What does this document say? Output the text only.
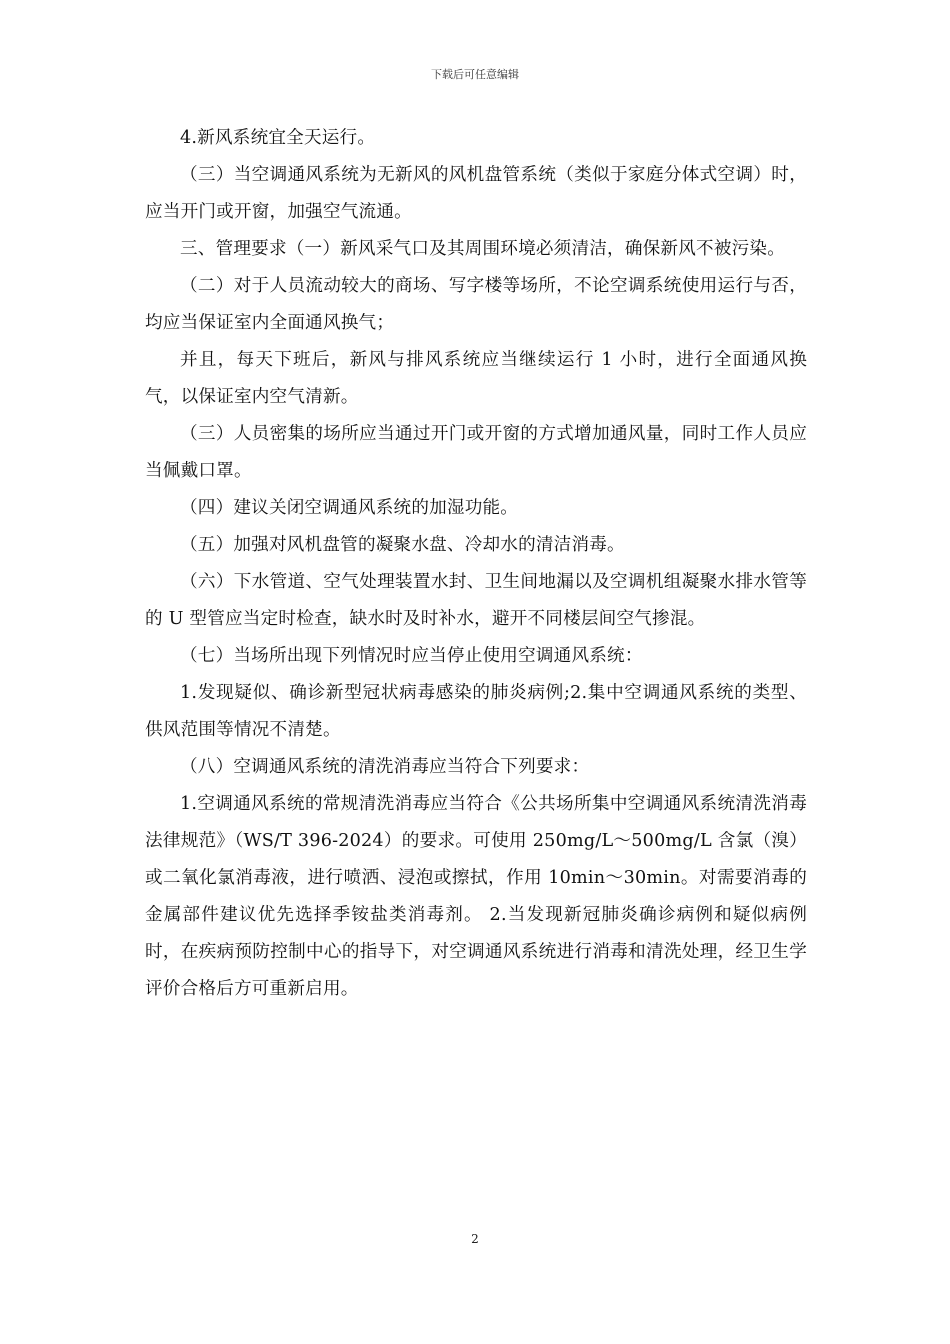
下载后可任意编辑

4.新风系统宜全天运行。

（三）当空调通风系统为无新风的风机盘管系统（类似于家庭分体式空调）时，应当开门或开窗，加强空气流通。

三、管理要求（一）新风采气口及其周围环境必须清洁，确保新风不被污染。

（二）对于人员流动较大的商场、写字楼等场所，不论空调系统使用运行与否，均应当保证室内全面通风换气；

并且，每天下班后，新风与排风系统应当继续运行 1 小时，进行全面通风换气，以保证室内空气清新。

（三）人员密集的场所应当通过开门或开窗的方式增加通风量，同时工作人员应当佩戴口罩。

（四）建议关闭空调通风系统的加湿功能。

（五）加强对风机盘管的凝聚水盘、冷却水的清洁消毒。

（六）下水管道、空气处理装置水封、卫生间地漏以及空调机组凝聚水排水管等的 U 型管应当定时检查，缺水时及时补水，避开不同楼层间空气掺混。

（七）当场所出现下列情况时应当停止使用空调通风系统：

1.发现疑似、确诊新型冠状病毒感染的肺炎病例;2.集中空调通风系统的类型、供风范围等情况不清楚。

（八）空调通风系统的清洗消毒应当符合下列要求：

1.空调通风系统的常规清洗消毒应当符合《公共场所集中空调通风系统清洗消毒法律规范》（WS/T 396-2024）的要求。可使用 250mg/L～500mg/L 含氯（溴）或二氧化氯消毒液，进行喷洒、浸泡或擦拭，作用 10min～30min。对需要消毒的金属部件建议优先选择季铵盐类消毒剂。 2.当发现新冠肺炎确诊病例和疑似病例时，在疾病预防控制中心的指导下，对空调通风系统进行消毒和清洗处理，经卫生学评价合格后方可重新启用。

2
